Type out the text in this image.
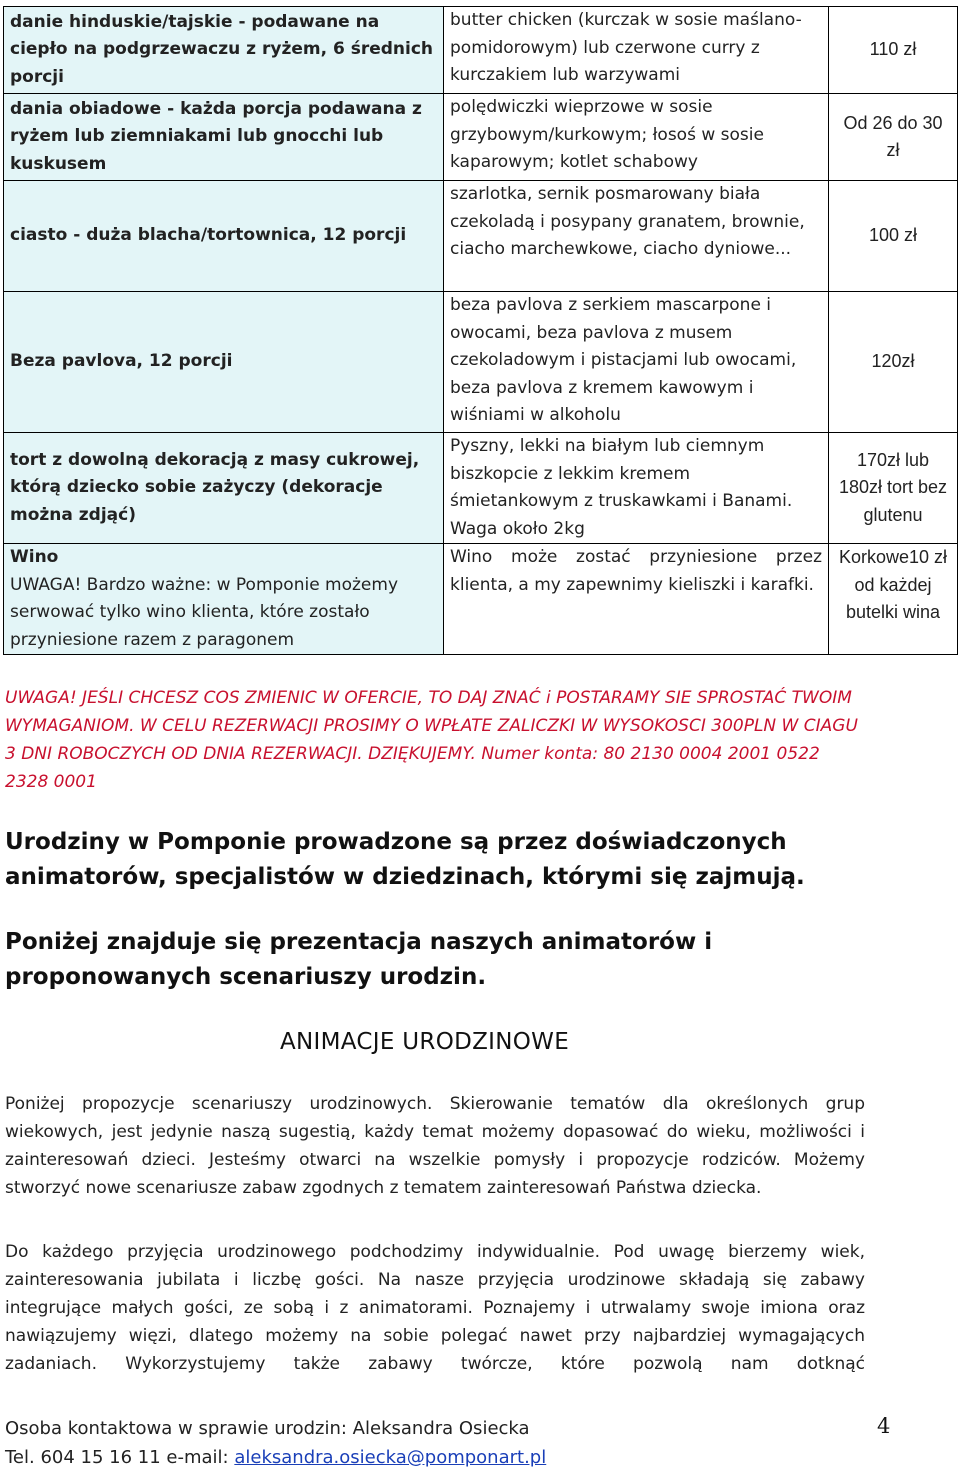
danie hinduskie/tajskie - podawane na ciepło na podgrzewaczu z ryżem, 6 średnich porcji	butter chicken (kurczak w sosie maślano-pomidorowym) lub czerwone curry z kurczakiem lub warzywami	110 zł
dania obiadowe - każda porcja podawana z ryżem lub ziemniakami lub gnocchi lub kuskusem	polędwiczki wieprzowe w sosie grzybowym/kurkowym; łosoś w sosie kaparowym; kotlet schabowy	Od 26 do 30 zł
ciasto - duża blacha/tortownica, 12 porcji	szarlotka, sernik posmarowany biała czekoladą i posypany granatem, brownie, ciacho marchewkowe, ciacho dyniowe...	100 zł
Beza pavlova, 12 porcji	beza pavlova z serkiem mascarpone i owocami, beza pavlova z musem czekoladowym i pistacjami lub owocami, beza pavlova z kremem kawowym i wiśniami w alkoholu	120zł
tort z dowolną dekoracją z masy cukrowej, którą dziecko sobie zażyczy (dekoracje można zdjąć)	Pyszny, lekki na białym lub ciemnym biszkopcie z lekkim kremem śmietankowym z truskawkami i Banami. Waga około 2kg	170zł lub 180zł tort bez glutenu

Wino
UWAGA! Bardzo ważne: w Pomponie możemy serwować tylko wino klienta, które zostało przyniesione razem z paragonem	Wino może zostać przyniesione przez klienta, a my zapewnimy kieliszki i karafki.	Korkowe10 zł od każdej butelki wina
UWAGA! JEŚLI CHCESZ COS ZMIENIC W OFERCIE, TO DAJ ZNAĆ i POSTARAMY SIE SPROSTAĆ TWOIM WYMAGANIOM. W CELU REZERWACJI PROSIMY O WPŁATE ZALICZKI W WYSOKOSCI 300PLN W CIAGU 3 DNI ROBOCZYCH OD DNIA REZERWACJI. DZIĘKUJEMY. Numer konta: 80 2130 0004 2001 0522 2328 0001
Urodziny w Pomponie prowadzone są przez doświadczonych animatorów, specjalistów w dziedzinach, którymi się zajmują.
Poniżej znajduje się prezentacja naszych animatorów i proponowanych scenariuszy urodzin.
ANIMACJE URODZINOWE
Poniżej propozycje scenariuszy urodzinowych. Skierowanie tematów dla określonych grup wiekowych, jest jedynie naszą sugestią, każdy temat możemy dopasować do wieku, możliwości i zainteresowań dzieci. Jesteśmy otwarci na wszelkie pomysły i propozycje rodziców. Możemy stworzyć nowe scenariusze zabaw zgodnych z tematem zainteresowań Państwa dziecka.
Do każdego przyjęcia urodzinowego podchodzimy indywidualnie. Pod uwagę bierzemy wiek, zainteresowania jubilata i liczbę gości. Na nasze przyjęcia urodzinowe składają się zabawy integrujące małych gości, ze sobą i z animatorami. Poznajemy i utrwalamy swoje imiona oraz nawiązujemy więzi, dlatego możemy na sobie polegać nawet przy najbardziej wymagających zadaniach. Wykorzystujemy także zabawy twórcze, które pozwolą nam dotknąć
Osoba kontaktowa w sprawie urodzin: Aleksandra Osiecka
Tel. 604 15 16 11 e-mail: aleksandra.osiecka@pomponart.pl
4
